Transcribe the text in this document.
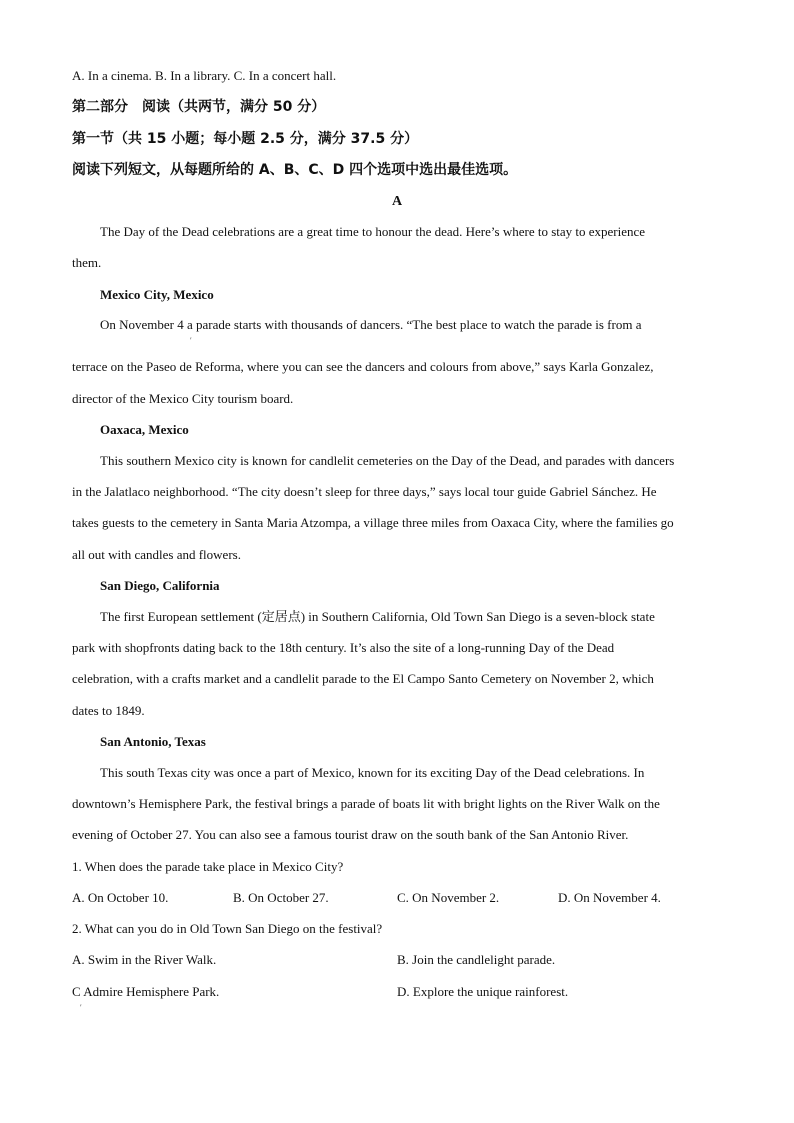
A. In a cinema. B. In a library. C. In a concert hall.
第二部分　阅读（共两节，满分 50 分）
第一节（共 15 小题；每小题 2.5 分，满分 37.5 分）
阅读下列短文，从每题所给的 A、B、C、D 四个选项中选出最佳选项。
A
The Day of the Dead celebrations are a great time to honour the dead. Here’s where to stay to experience
them.
Mexico City, Mexico
On November 4 a parade starts with thousands of dancers. “The best place to watch the parade is from a
′
terrace on the Paseo de Reforma, where you can see the dancers and colours from above,” says Karla Gonzalez,
director of the Mexico City tourism board.
Oaxaca, Mexico
This southern Mexico city is known for candlelit cemeteries on the Day of the Dead, and parades with dancers
in the Jalatlaco neighborhood. “The city doesn’t sleep for three days,” says local tour guide Gabriel Sánchez. He
takes guests to the cemetery in Santa Maria Atzompa, a village three miles from Oaxaca City, where the families go
all out with candles and flowers.
San Diego, California
The first European settlement (定居点) in Southern California, Old Town San Diego is a seven-block state
park with shopfronts dating back to the 18th century. It’s also the site of a long-running Day of the Dead
celebration, with a crafts market and a candlelit parade to the El Campo Santo Cemetery on November 2, which
dates to 1849.
San Antonio, Texas
This south Texas city was once a part of Mexico, known for its exciting Day of the Dead celebrations. In
downtown’s Hemisphere Park, the festival brings a parade of boats lit with bright lights on the River Walk on the
evening of October 27. You can also see a famous tourist draw on the south bank of the San Antonio River.
1. When does the parade take place in Mexico City?
A. On October 10.	B. On October 27.	C. On November 2.	D. On November 4.
2. What can you do in Old Town San Diego on the festival?
A. Swim in the River Walk.	B. Join the candlelight parade.
C Admire Hemisphere Park.	D. Explore the unique rainforest.
′
